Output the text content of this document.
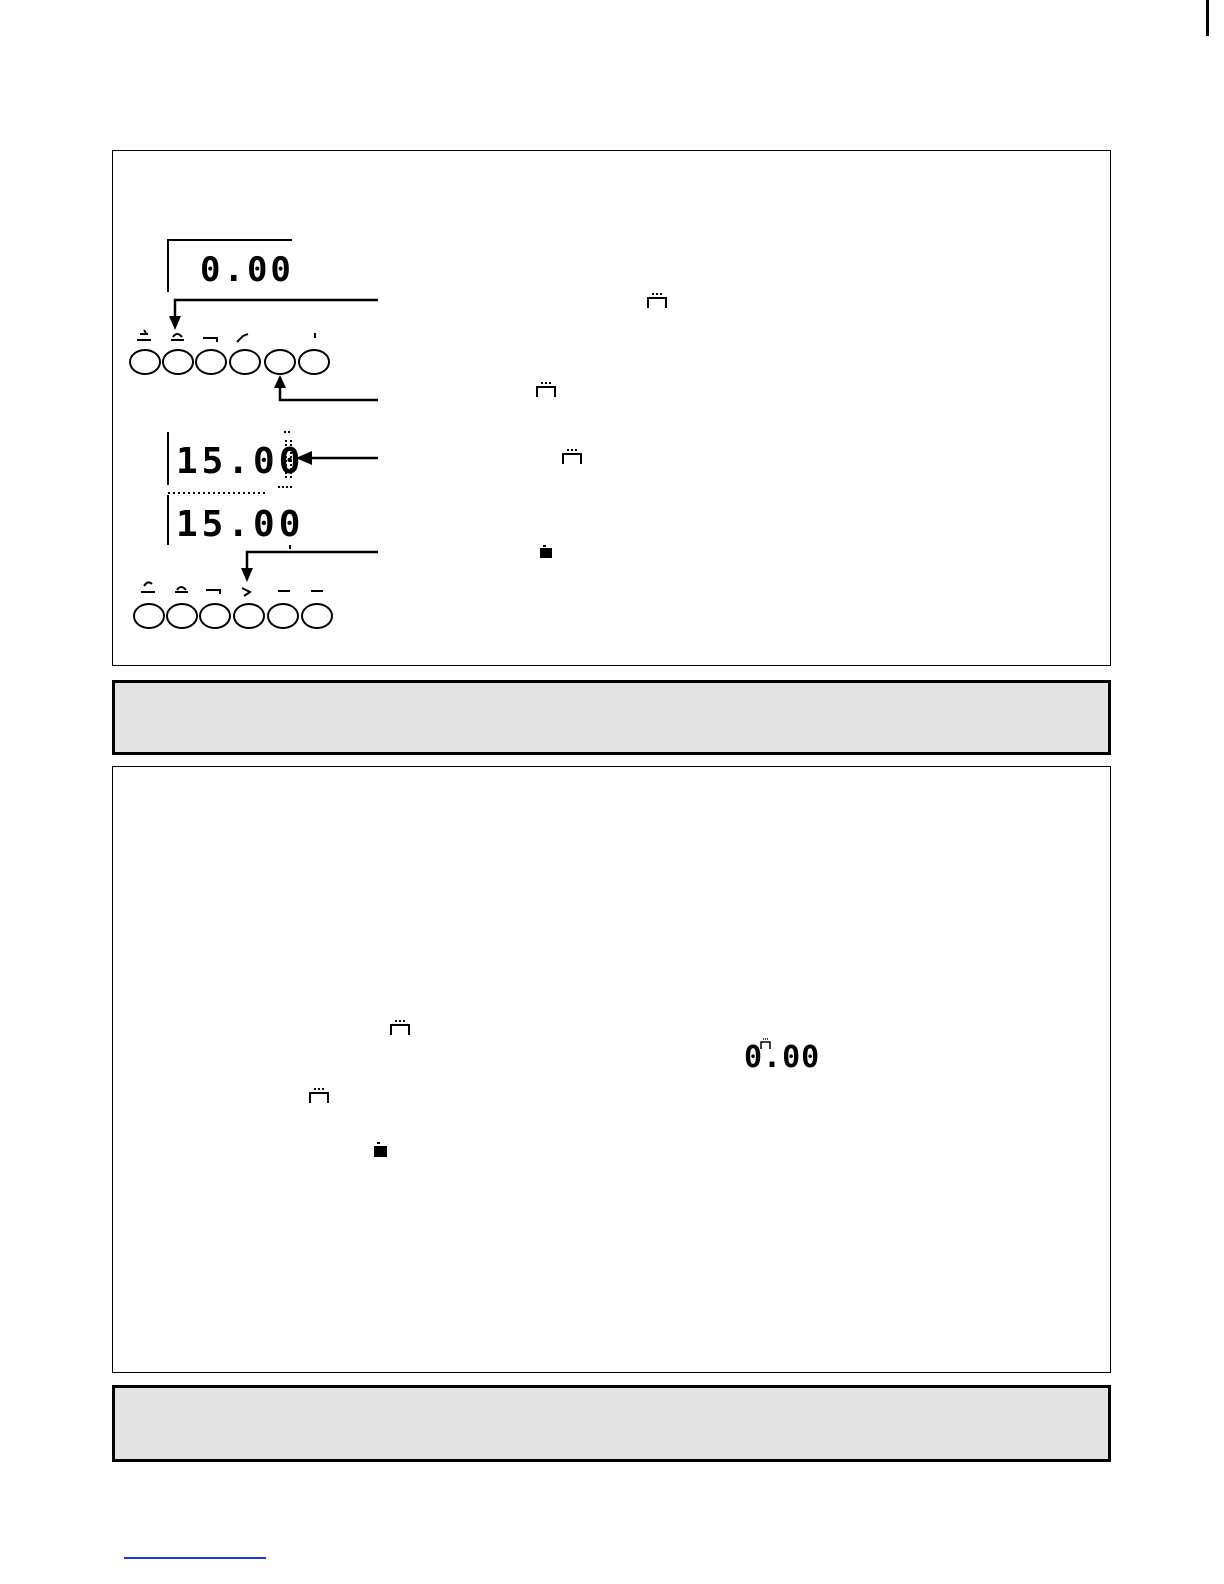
0.00
15.00
15.00
0.00
